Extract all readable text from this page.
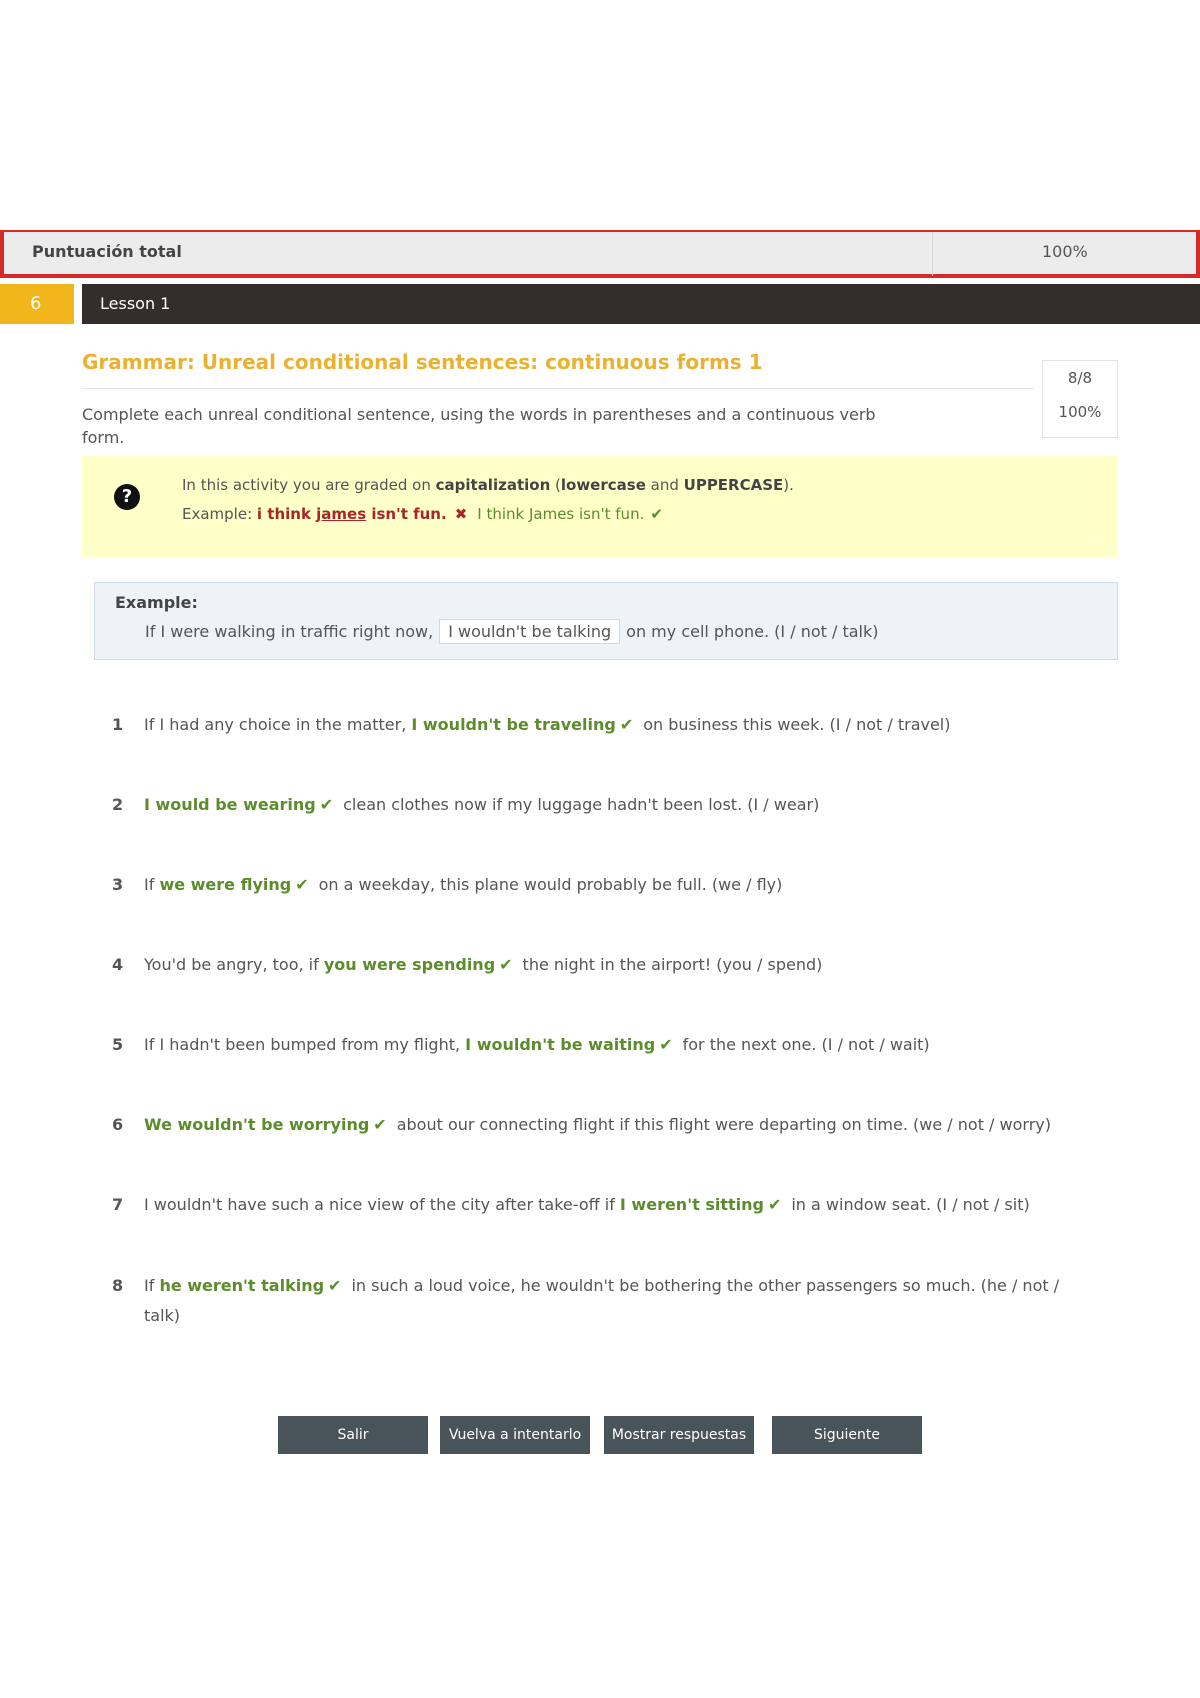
Puntuación total	100%
6	Lesson 1
Grammar: Unreal conditional sentences: continuous forms 1
8/8
100%
Complete each unreal conditional sentence, using the words in parentheses and a continuous verb form.
?
In this activity you are graded on capitalization (lowercase and UPPERCASE).
Example: i think james isn't fun. ✖ I think James isn't fun. ✔
Example:
If I were walking in traffic right now, I wouldn't be talking on my cell phone. (I / not / talk)
1	If I had any choice in the matter, I wouldn't be traveling ✔ on business this week. (I / not / travel)
2	I would be wearing ✔ clean clothes now if my luggage hadn't been lost. (I / wear)
3	If we were flying ✔ on a weekday, this plane would probably be full. (we / fly)
4	You'd be angry, too, if you were spending ✔ the night in the airport! (you / spend)
5	If I hadn't been bumped from my flight, I wouldn't be waiting ✔ for the next one. (I / not / wait)
6	We wouldn't be worrying ✔ about our connecting flight if this flight were departing on time. (we / not / worry)
7	I wouldn't have such a nice view of the city after take-off if I weren't sitting ✔ in a window seat. (I / not / sit)
8	If he weren't talking ✔ in such a loud voice, he wouldn't be bothering the other passengers so much. (he / not / talk)
Salir	Vuelva a intentarlo	Mostrar respuestas	Siguiente
